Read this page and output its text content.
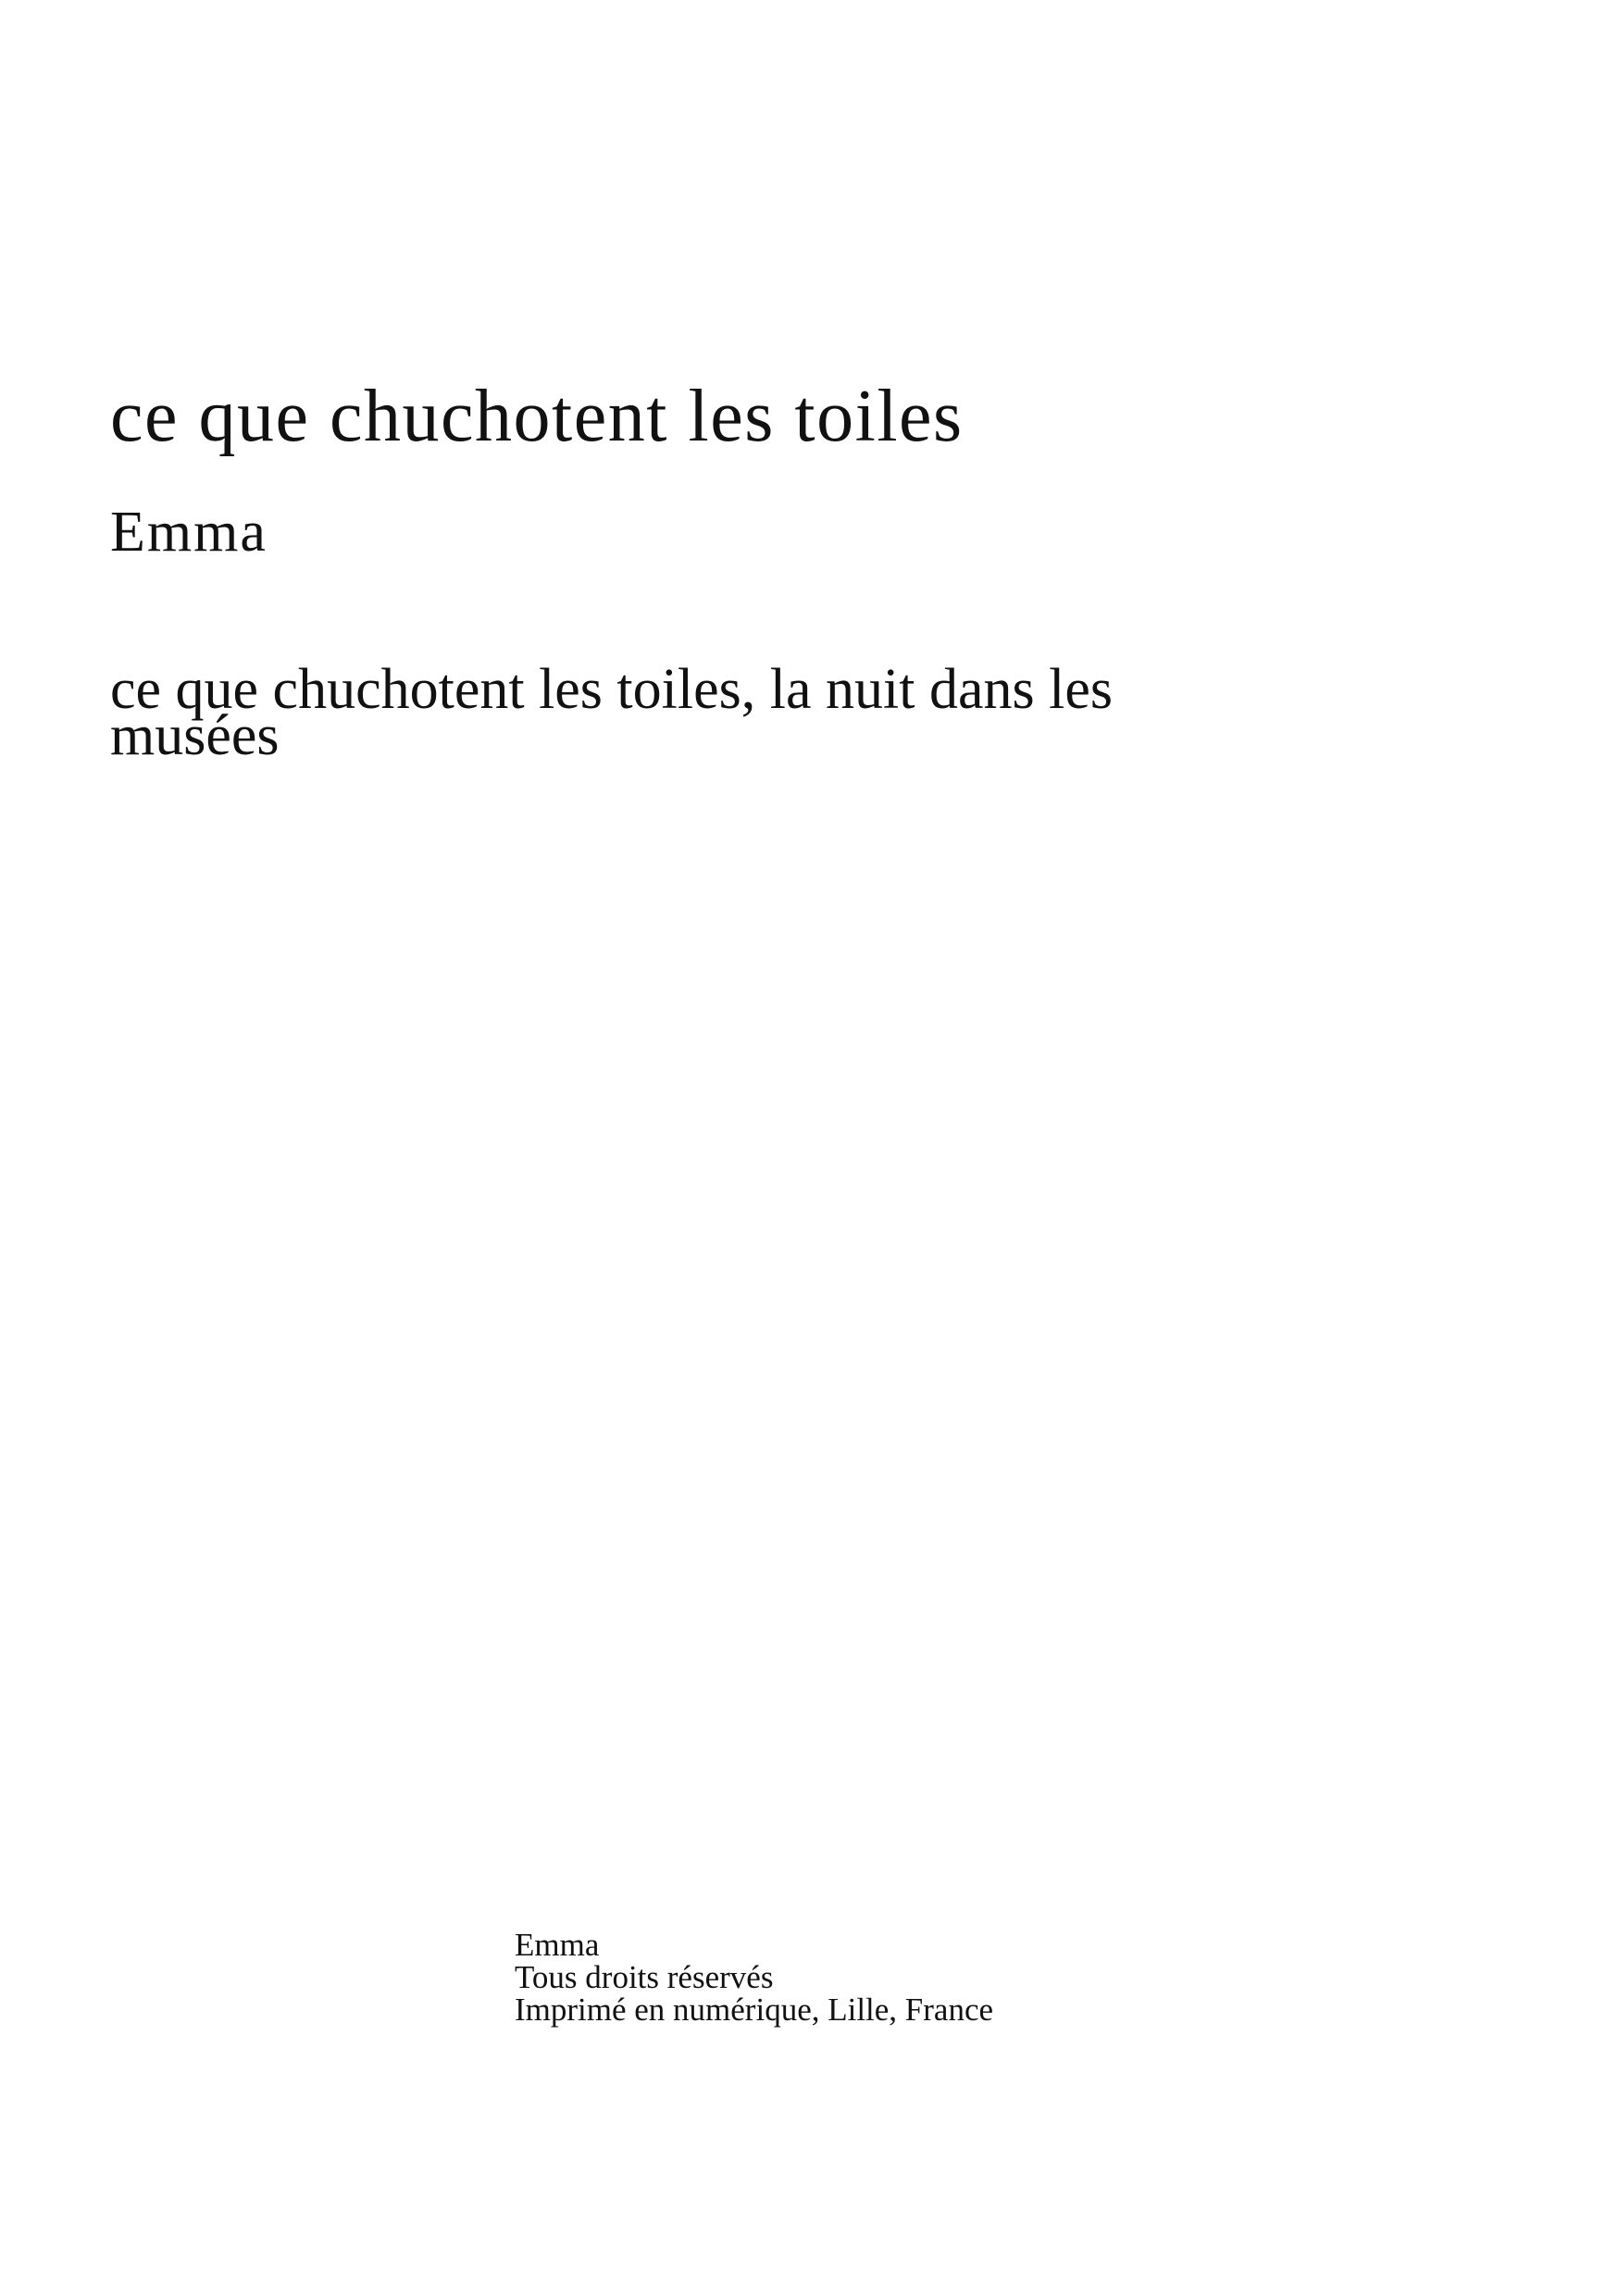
ce que chuchotent les toiles
Emma
ce que chuchotent les toiles, la nuit dans les musées
Emma
Tous droits réservés
Imprimé en numérique, Lille, France
